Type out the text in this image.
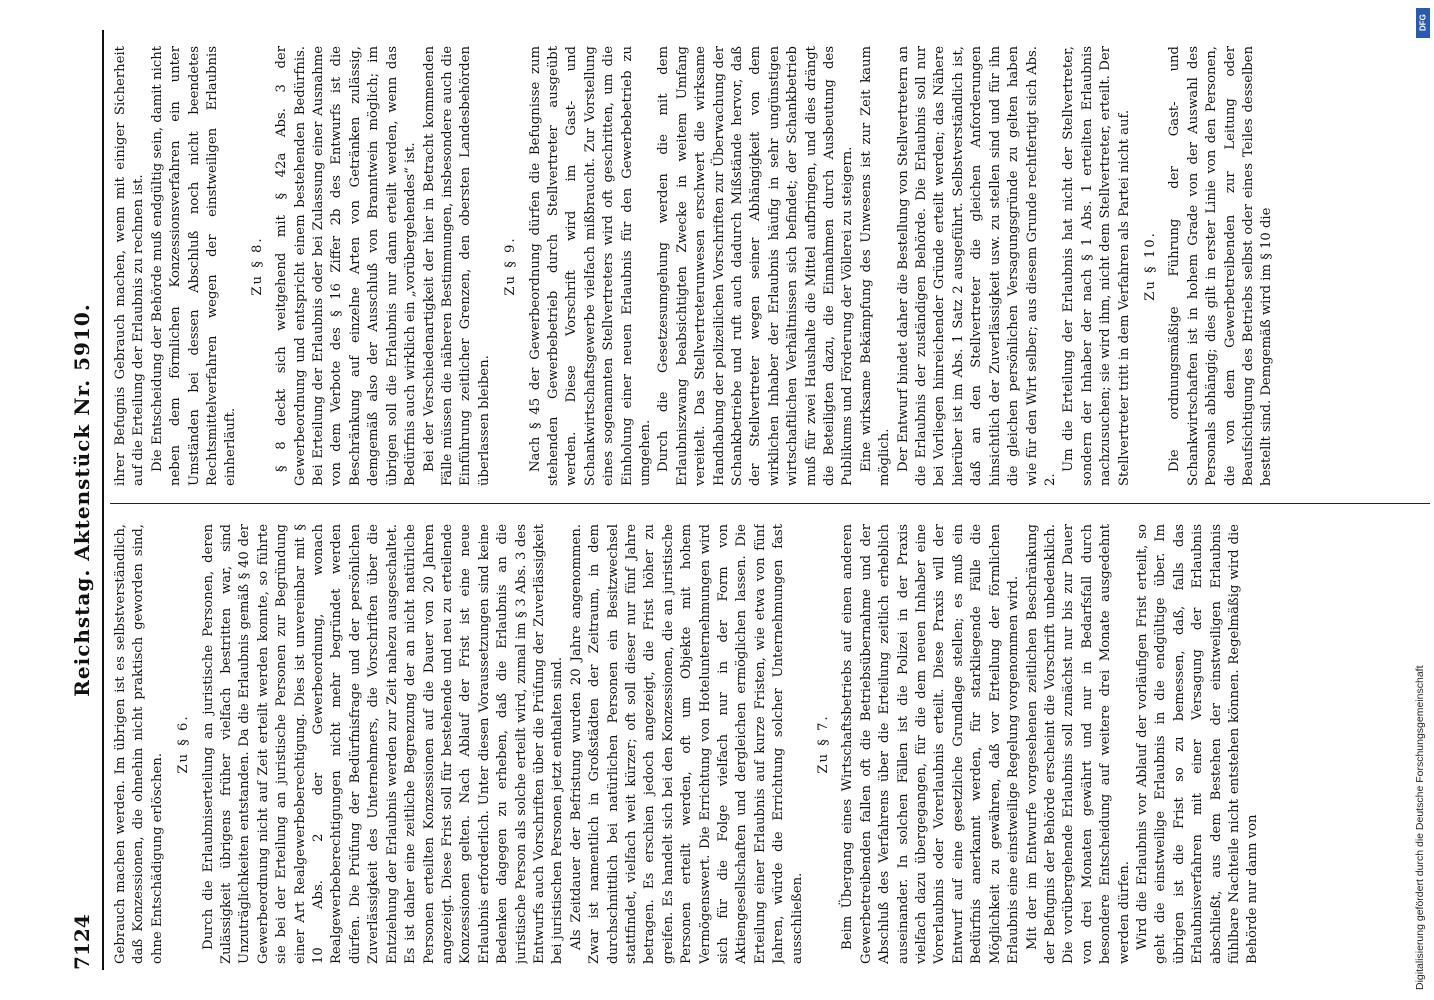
7124
Reichstag. Aktenstück Nr. 5910.

Gebrauch machen werden. Im übrigen ist es selbstverständlich, daß Konzessionen, die ohnehin nicht praktisch geworden sind, ohne Entschädigung erlöschen.

Zu § 6. Durch die Erlaubniserteilung an juristische Personen, deren Zulässigkeit übrigens früher vielfach bestritten war, sind Unzuträglichkeiten entstanden. Da die Erlaubnis gemäß § 40 der Gewerbeordnung nicht auf Zeit erteilt werden konnte, so führte sie bei der Erteilung an juristische Personen zur Begründung einer Art Realgewerbeberechtigung. Dies ist unvereinbar mit § 10 Abs. 2 der Gewerbeordnung, wonach Realgewerbeberechtigungen nicht mehr begründet werden dürfen. Die Prüfung der Bedürfnisfrage und der persönlichen Zuverlässigkeit des Unternehmers, die Vorschriften über die Entziehung der Erlaubnis werden zur Zeit nahezu ausgeschaltet. Es ist daher eine zeitliche Begrenzung der an nicht natürliche Personen erteilten Konzessionen auf die Dauer von 20 Jahren angezeigt. Diese Frist soll für bestehende und neu zu erteilende Konzessionen gelten. Nach Ablauf der Frist ist eine neue Erlaubnis erforderlich. Unter diesen Voraussetzungen sind keine Bedenken dagegen zu erheben, daß die Erlaubnis an die juristische Person als solche erteilt wird, zumal im § 3 Abs. 3 des Entwurfs auch Vorschriften über die Prüfung der Zuverlässigkeit bei juristischen Personen jetzt enthalten sind. Als Zeitdauer der Befristung wurden 20 Jahre angenommen. Zwar ist namentlich in Großstädten der Zeitraum, in dem durchschnittlich bei natürlichen Personen ein Besitzwechsel stattfindet, vielfach weit kürzer; oft soll dieser nur fünf Jahre betragen. Es erschien jedoch angezeigt, die Frist höher zu greifen. Es handelt sich bei den Konzessionen, die an juristische Personen erteilt werden, oft um Objekte mit hohem Vermögenswert. Die Errichtung von Hotelunternehmungen wird sich für die Folge vielfach nur in der Form von Aktiengesellschaften und dergleichen ermöglichen lassen. Die Erteilung einer Erlaubnis auf kurze Fristen, wie etwa von fünf Jahren, würde die Errichtung solcher Unternehmungen fast ausschließen.

Zu § 7. Beim Übergang eines Wirtschaftsbetriebs auf einen anderen Gewerbetreibenden fallen oft die Betriebsübernahme und der Abschluß des Verfahrens über die Erteilung zeitlich erheblich auseinander. In solchen Fällen ist die Polizei in der Praxis vielfach dazu übergegangen, für die dem neuen Inhaber eine Vorerlaubnis oder Vorerlaubnis erteilt. Diese Praxis will der Entwurf auf eine gesetzliche Grundlage stellen; es muß ein Bedürfnis anerkannt werden, für starkliegende Fälle die Möglichkeit zu gewähren, daß vor Erteilung der förmlichen Erlaubnis eine einstweilige Regelung vorgenommen wird. Mit der im Entwurfe vorgesehenen zeitlichen Beschränkung der Befugnis der Behörde erscheint die Vorschrift unbedenklich. Die vorübergehende Erlaubnis soll zunächst nur bis zur Dauer von drei Monaten gewährt und nur in Bedarfsfall durch besondere Entscheidung auf weitere drei Monate ausgedehnt werden dürfen. Wird die Erlaubnis vor Ablauf der vorläufigen Frist erteilt, so geht die einstweilige Erlaubnis in die endgültige über. Im übrigen ist die Frist so zu bemessen, daß, falls das Erlaubnisverfahren mit einer Versagung der Erlaubnis abschließt, aus dem Bestehen der einstweiligen Erlaubnis fühlbare Nachteile nicht entstehen können. Regelmäßig wird die Behörde nur dann von

ihrer Befugnis Gebrauch machen, wenn mit einiger Sicherheit auf die Erteilung der Erlaubnis zu rechnen ist. Die Entscheidung der Behörde muß endgültig sein, damit nicht neben dem förmlichen Konzessionsverfahren ein unter Umständen bei dessen Abschluß noch nicht beendetes Rechtsmittelverfahren wegen der einstweiligen Erlaubnis einherläuft.

Zu § 8. § 8 deckt sich weitgehend mit § 42a Abs. 3 der Gewerbeordnung und entspricht einem bestehenden Bedürfnis. Bei Erteilung der Erlaubnis oder bei Zulassung einer Ausnahme von dem Verbote des § 16 Ziffer 2b des Entwurfs ist die Beschränkung auf einzelne Arten von Getränken zulässig, demgemäß also der Ausschluß von Branntwein möglich; im übrigen soll die Erlaubnis nur dann erteilt werden, wenn das Bedürfnis auch wirklich ein „vorübergehendes“ ist. Bei der Verschiedenartigkeit der hier in Betracht kommenden Fälle müssen die näheren Bestimmungen, insbesondere auch die Einführung zeitlicher Grenzen, den obersten Landesbehörden überlassen bleiben.

Zu § 9. Nach § 45 der Gewerbeordnung dürfen die Befugnisse zum stehenden Gewerbebetrieb durch Stellvertreter ausgeübt werden. Diese Vorschrift wird im Gast- und Schankwirtschaftsgewerbe vielfach mißbraucht. Zur Vorstellung eines sogenannten Stellvertreters wird oft geschritten, um die Einholung einer neuen Erlaubnis für den Gewerbebetrieb zu umgehen. Durch die Gesetzesumgehung werden die mit dem Erlaubniszwang beabsichtigten Zwecke in weitem Umfang vereitelt. Das Stellvertreterunwesen erschwert die wirksame Handhabung der polizeilichen Vorschriften zur Überwachung der Schankbetriebe und ruft auch dadurch Mißstände hervor, daß der Stellvertreter wegen seiner Abhängigkeit von dem wirklichen Inhaber der Erlaubnis häufig in sehr ungünstigen wirtschaftlichen Verhältnissen sich befindet; der Schankbetrieb muß für zwei Haushalte die Mittel aufbringen, und dies drängt die Beteiligten dazu, die Einnahmen durch Ausbeutung des Publikums und Förderung der Völlerei zu steigern. Eine wirksame Bekämpfung des Unwesens ist zur Zeit kaum möglich. Der Entwurf bindet daher die Bestellung von Stellvertretern an die Erlaubnis der zuständigen Behörde. Die Erlaubnis soll nur bei Vorliegen hinreichender Gründe erteilt werden; das Nähere hierüber ist im Abs. 1 Satz 2 ausgeführt. Selbstverständlich ist, daß an den Stellvertreter die gleichen Anforderungen hinsichtlich der Zuverlässigkeit usw. zu stellen sind und für ihn die gleichen persönlichen Versagungsgründe zu gelten haben wie für den Wirt selber; aus diesem Grunde rechtfertigt sich Abs. 2.

Um die Erteilung der Erlaubnis hat nicht der Stellvertreter, sondern der Inhaber der nach § 1 Abs. 1 erteilten Erlaubnis nachzusuchen; sie wird ihm, nicht dem Stellvertreter, erteilt. Der Stellvertreter tritt in dem Verfahren als Partei nicht auf. Zu § 10. Die ordnungsmäßige Führung der Gast- und Schankwirtschaften ist in hohem Grade von der Auswahl des Personals abhängig; dies gilt in erster Linie von den Personen, die von dem Gewerbetreibenden zur Leitung oder Beaufsichtigung des Betriebs selbst oder eines Teiles desselben bestellt sind. Demgemäß wird im § 10 die

DFG
Digitalisierung gefördert durch die Deutsche Forschungsgemeinschaft
